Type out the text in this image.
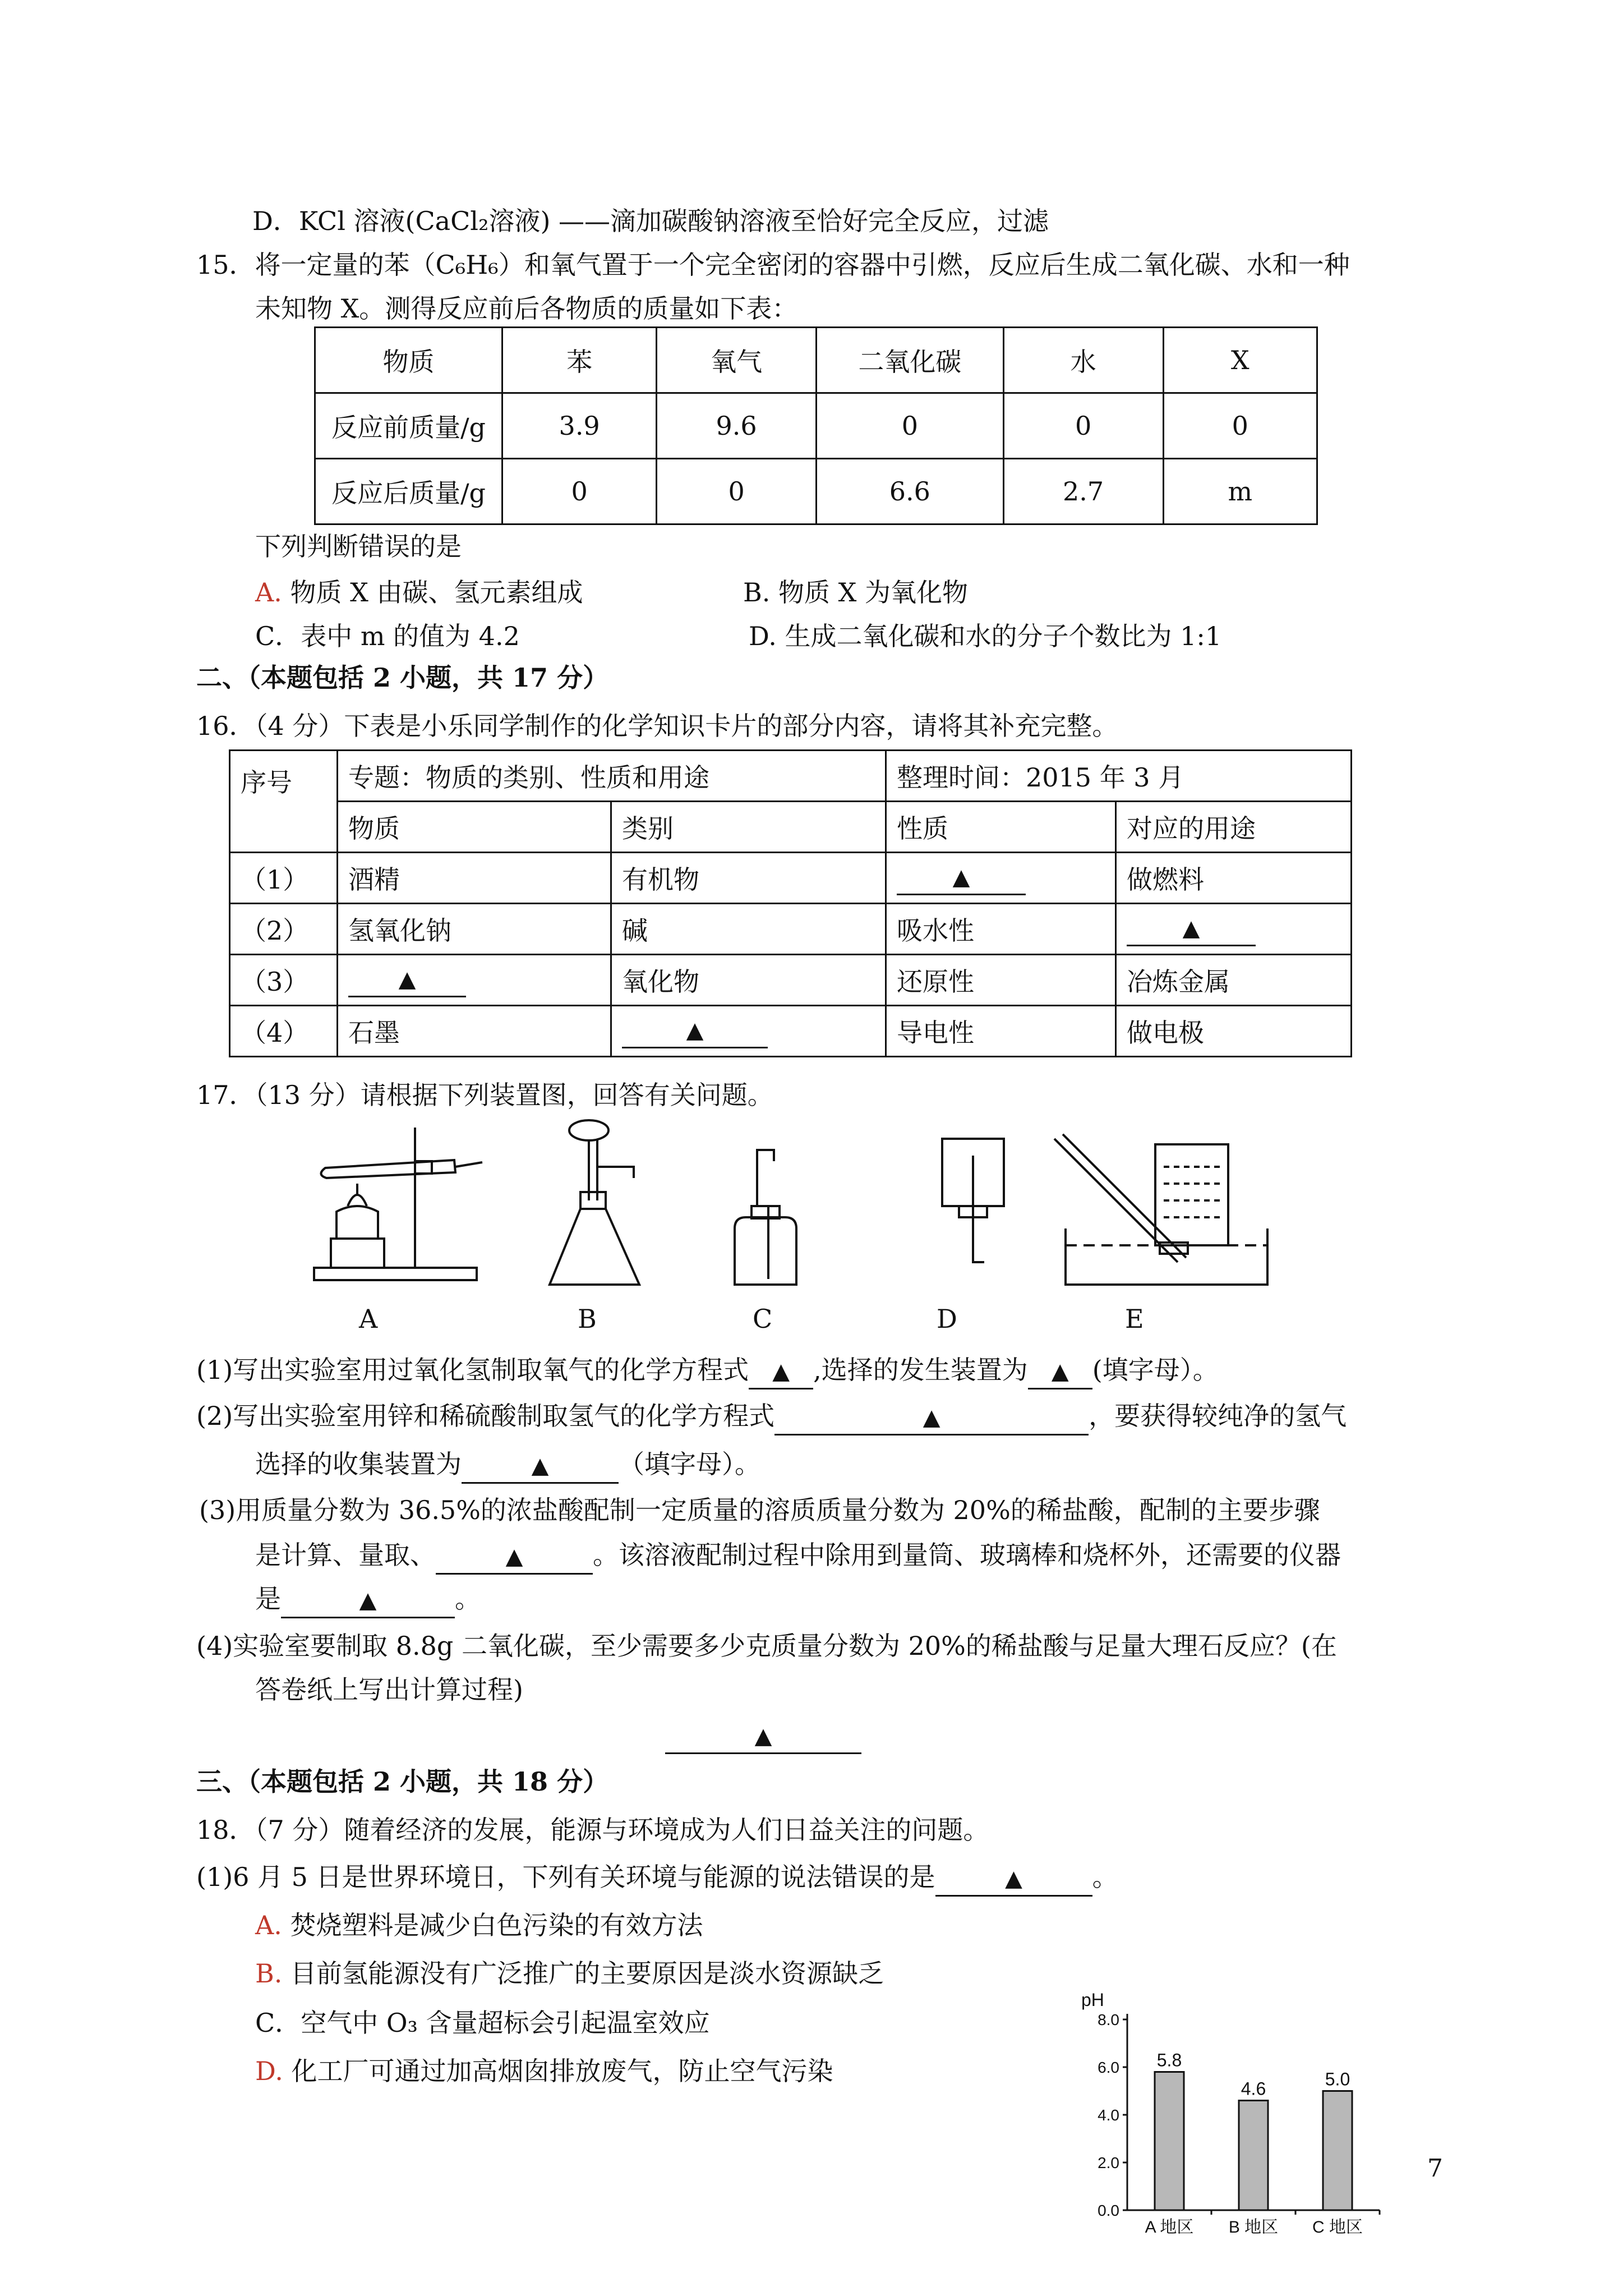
D．KCl 溶液(CaCl₂溶液) ——滴加碳酸钠溶液至恰好完全反应，过滤
15．将一定量的苯（C₆H₆）和氧气置于一个完全密闭的容器中引燃，反应后生成二氧化碳、水和一种
未知物 X。测得反应前后各物质的质量如下表：
物质	苯	氧气	二氧化碳	水	X
反应前质量/g	3.9	9.6	0	0	0
反应后质量/g	0	0	6.6	2.7	m
下列判断错误的是
A. 物质 X 由碳、氢元素组成	B. 物质 X 为氧化物
C．表中 m 的值为 4.2	D. 生成二氧化碳和水的分子个数比为 1:1
二、（本题包括 2 小题，共 17 分）
16．（4 分）下表是小乐同学制作的化学知识卡片的部分内容，请将其补充完整。
序号	专题：物质的类别、性质和用途		整理时间：2015 年 3 月	
	物质	类别	性质	对应的用途
（1）	酒精	有机物	▲	做燃料
（2）	氢氧化钠	碱	吸水性	▲
（3）	▲	氧化物	还原性	冶炼金属
（4）	石墨	▲	导电性	做电极
17．（13 分）请根据下列装置图，回答有关问题。
A	B	C	D	E
(1)写出实验室用过氧化氢制取氧气的化学方程式 ▲ ,选择的发生装置为 ▲ (填字母）。
(2)写出实验室用锌和稀硫酸制取氢气的化学方程式	▲	，要获得较纯净的氢气
选择的收集装置为	▲	（填字母）。
(3)用质量分数为 36.5%的浓盐酸配制一定质量的溶质质量分数为 20%的稀盐酸，配制的主要步骤
是计算、量取、	▲	。该溶液配制过程中除用到量筒、玻璃棒和烧杯外，还需要的仪器
是	▲	。
(4)实验室要制取 8.8g 二氧化碳，至少需要多少克质量分数为 20%的稀盐酸与足量大理石反应？(在
答卷纸上写出计算过程)
▲
三、（本题包括 2 小题，共 18 分）
18．（7 分）随着经济的发展，能源与环境成为人们日益关注的问题。
(1)6 月 5 日是世界环境日，下列有关环境与能源的说法错误的是	▲	。
A. 焚烧塑料是减少白色污染的有效方法
B. 目前氢能源没有广泛推广的主要原因是淡水资源缺乏
C．空气中 O₃ 含量超标会引起温室效应
D. 化工厂可通过加高烟囱排放废气，防止空气污染
pH
0.0
2.0
4.0
6.0
8.0
5.8
4.6	5.0
A 地区 B 地区 C 地区
7
